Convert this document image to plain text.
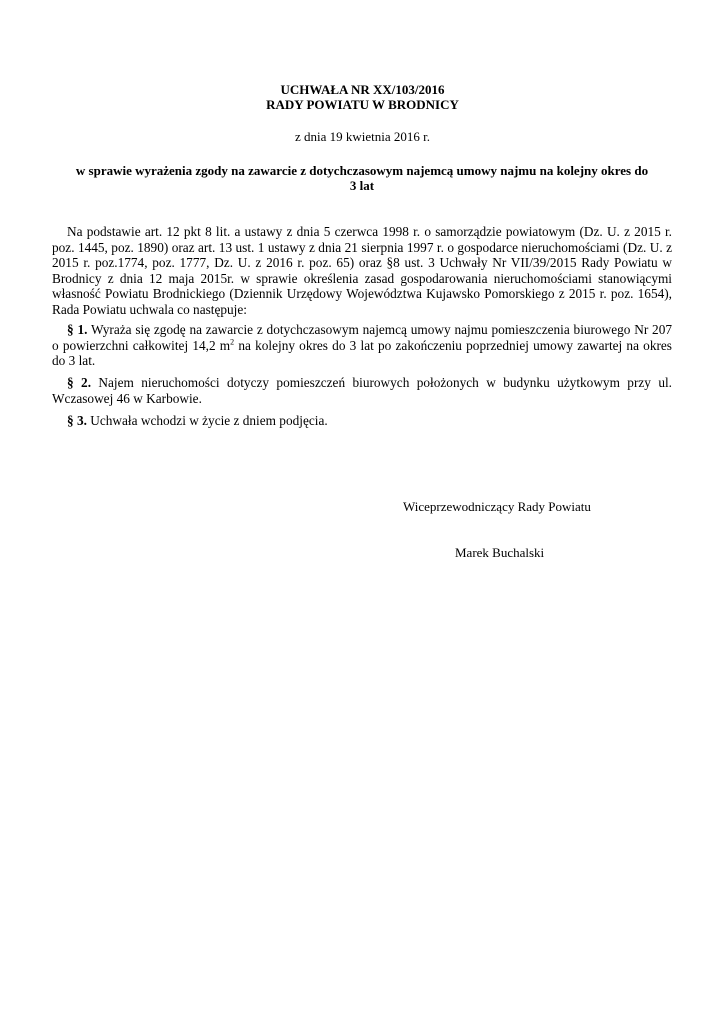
UCHWAŁA NR XX/103/2016
RADY POWIATU W BRODNICY
z dnia 19 kwietnia 2016 r.
w sprawie wyrażenia zgody na zawarcie z dotychczasowym najemcą umowy najmu na kolejny okres do
3 lat

Na podstawie art. 12 pkt 8 lit. a ustawy z dnia 5 czerwca 1998 r. o samorządzie powiatowym (Dz. U. z 2015 r. poz. 1445, poz. 1890) oraz art. 13 ust. 1 ustawy z dnia 21 sierpnia 1997 r. o gospodarce nieruchomościami (Dz. U. z 2015 r. poz.1774, poz. 1777, Dz. U. z 2016 r. poz. 65) oraz §8 ust. 3 Uchwały Nr VII/39/2015 Rady Powiatu w Brodnicy z dnia 12 maja 2015r. w sprawie określenia zasad gospodarowania nieruchomościami stanowiącymi własność Powiatu Brodnickiego (Dziennik Urzędowy Województwa Kujawsko Pomorskiego z 2015 r. poz. 1654), Rada Powiatu uchwala co następuje:

§ 1. Wyraża się zgodę na zawarcie z dotychczasowym najemcą umowy najmu pomieszczenia biurowego Nr 207 o powierzchni całkowitej 14,2 $m^2$ na kolejny okres do 3 lat po zakończeniu poprzedniej umowy zawartej na okres do 3 lat.

§ 2. Najem nieruchomości dotyczy pomieszczeń biurowych położonych w budynku użytkowym przy ul. Wczasowej 46 w Karbowie.

§ 3. Uchwała wchodzi w życie z dniem podjęcia.

Wiceprzewodniczący Rady Powiatu
Marek Buchalski
